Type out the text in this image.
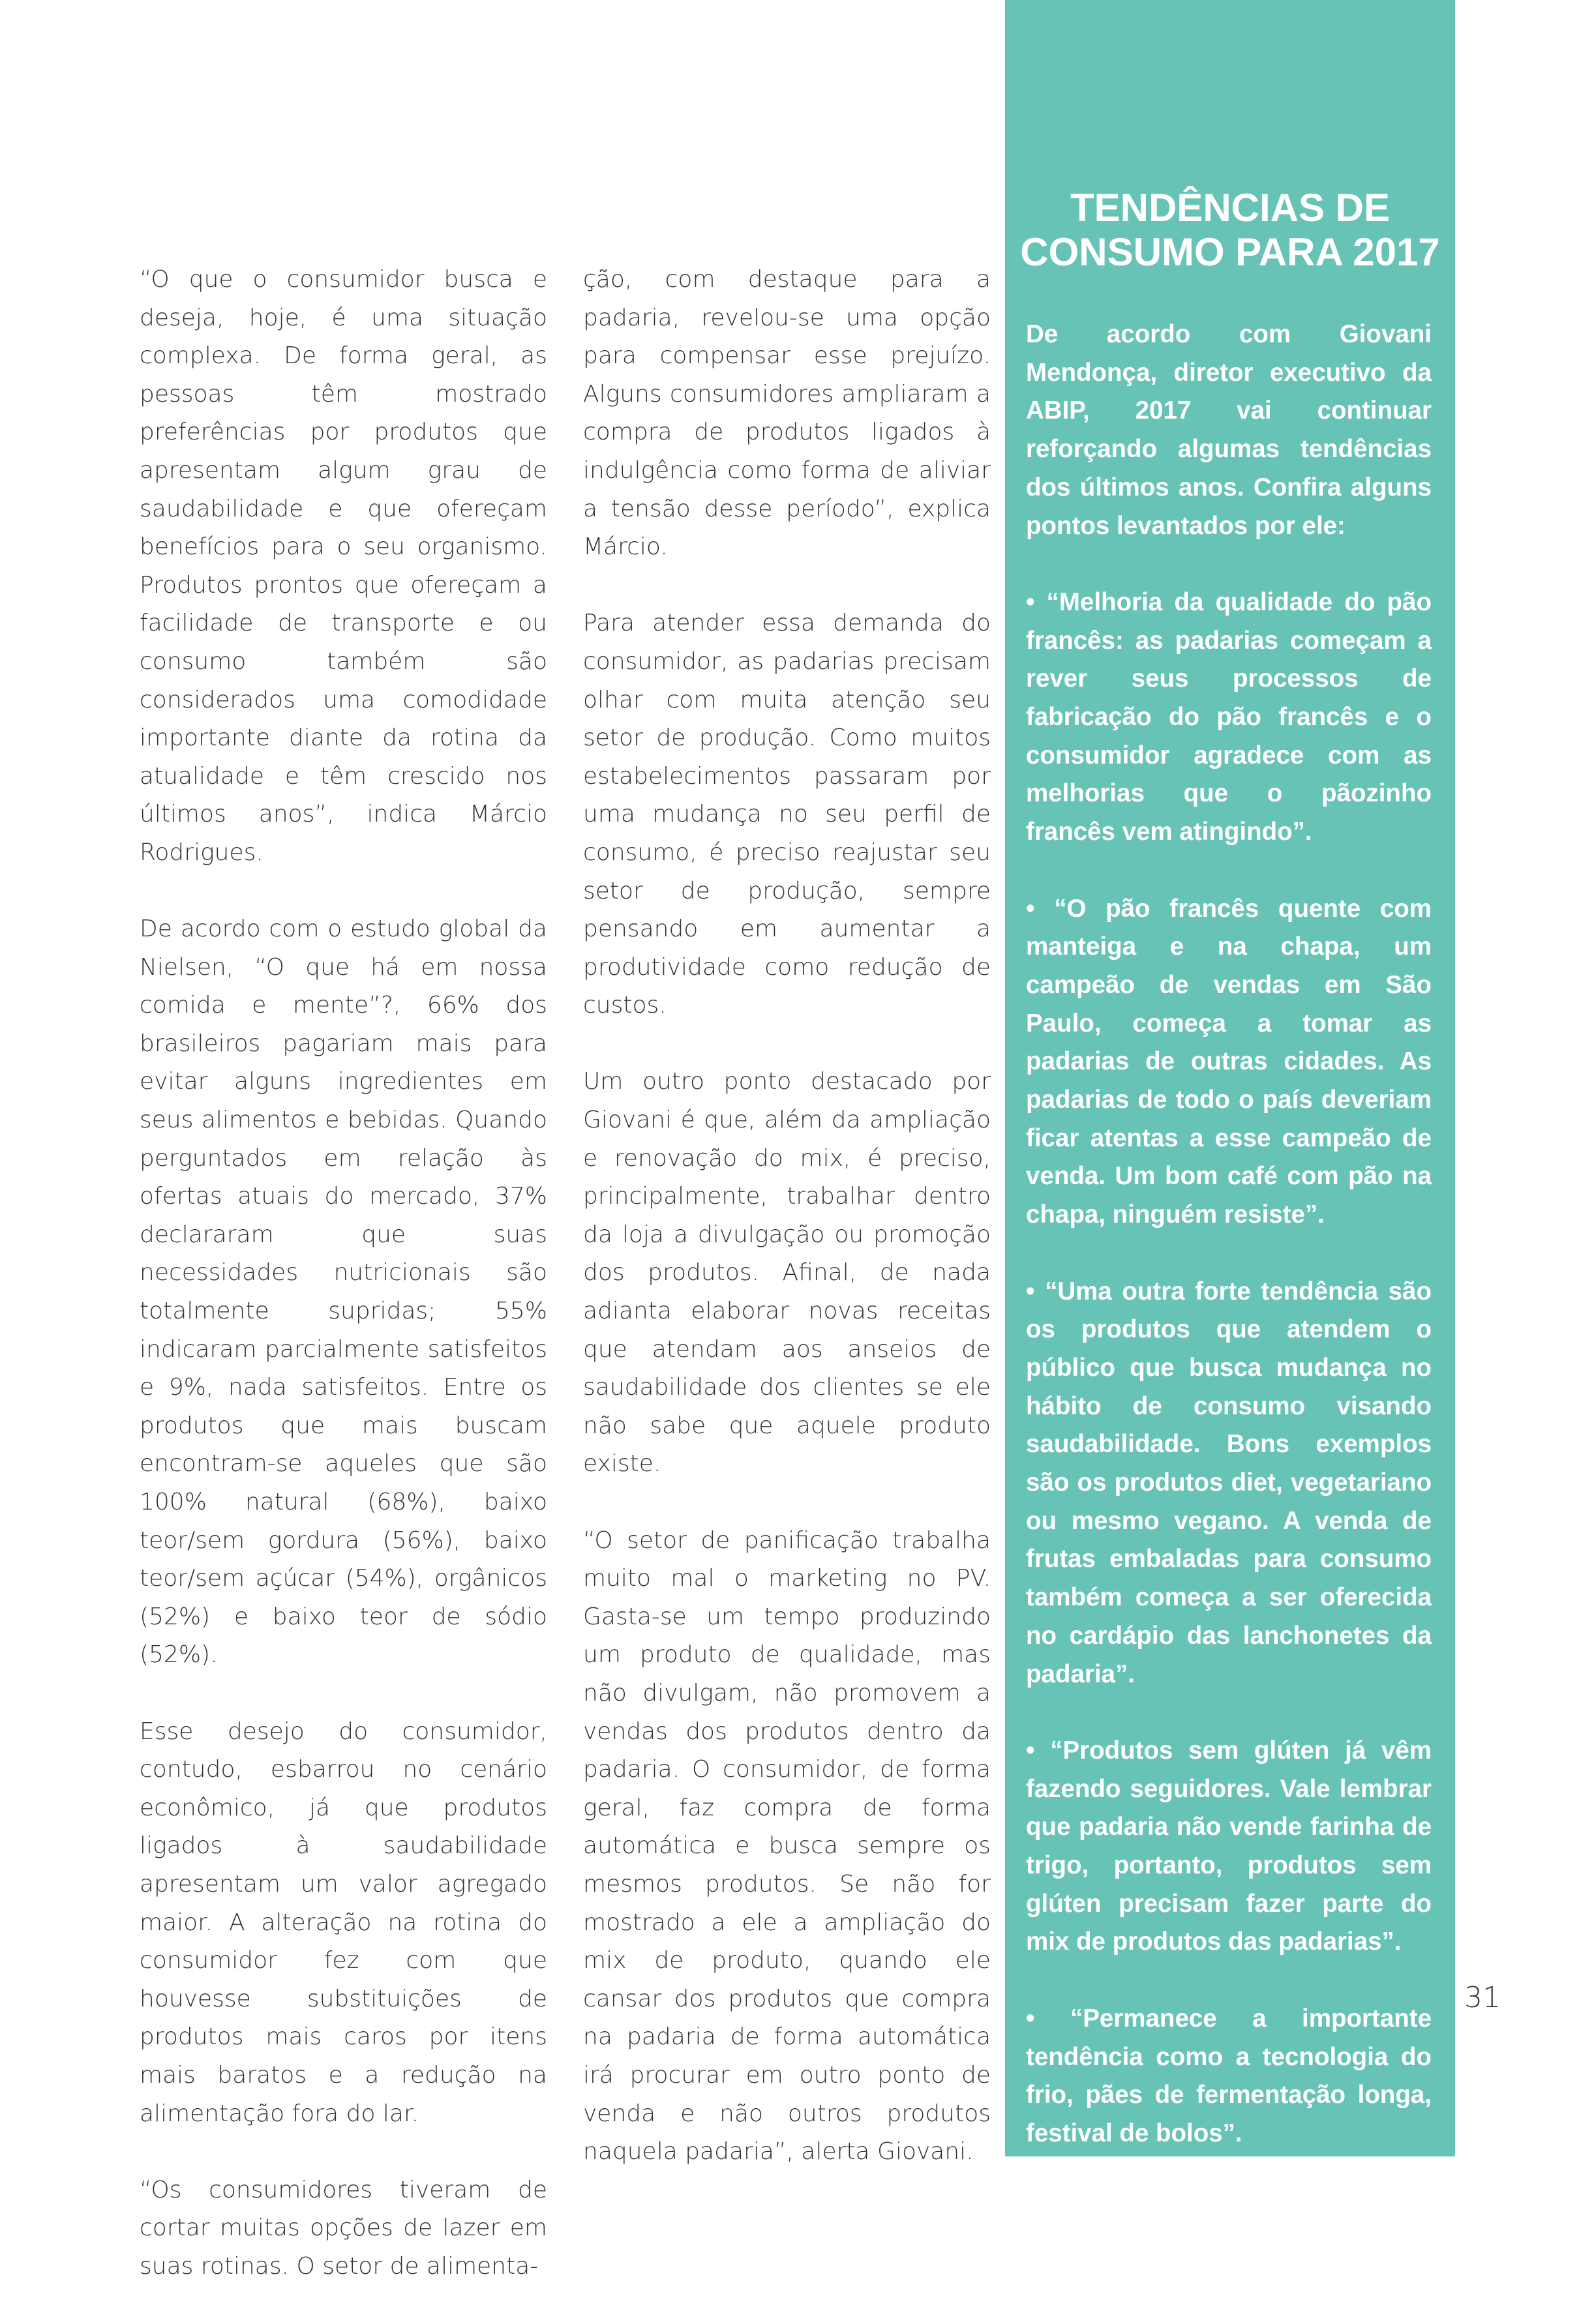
“O que o consumidor busca e deseja, hoje, é uma situação complexa. De forma geral, as pessoas têm mostrado preferências por produtos que apresentam algum grau de saudabilidade e que ofereçam benefícios para o seu organismo. Produtos prontos que ofereçam a facilidade de transporte e ou consumo também são considerados uma comodidade importante diante da rotina da atualidade e têm crescido nos últimos anos”, indica Márcio Rodrigues.

De acordo com o estudo global da Nielsen, “O que há em nossa comida e mente”?, 66% dos brasileiros pagariam mais para evitar alguns ingredientes em seus alimentos e bebidas. Quando perguntados em relação às ofertas atuais do mercado, 37% declararam que suas necessidades nutricionais são totalmente supridas; 55% indicaram parcialmente satisfeitos e 9%, nada satisfeitos. Entre os produtos que mais buscam encontram-se aqueles que são 100% natural (68%), baixo teor/sem gordura (56%), baixo teor/sem açúcar (54%), orgânicos (52%) e baixo teor de sódio (52%).

Esse desejo do consumidor, contudo, esbarrou no cenário econômico, já que produtos ligados à saudabilidade apresentam um valor agregado maior. A alteração na rotina do consumidor fez com que houvesse substituições de produtos mais caros por itens mais baratos e a redução na alimentação fora do lar.

“Os consumidores tiveram de cortar muitas opções de lazer em suas rotinas. O setor de alimenta-

ção, com destaque para a padaria, revelou-se uma opção para compensar esse prejuízo. Alguns consumidores ampliaram a compra de produtos ligados à indulgência como forma de aliviar a tensão desse período”, explica Márcio.

Para atender essa demanda do consumidor, as padarias precisam olhar com muita atenção seu setor de produção. Como muitos estabelecimentos passaram por uma mudança no seu perfil de consumo, é preciso reajustar seu setor de produção, sempre pensando em aumentar a produtividade como redução de custos.

Um outro ponto destacado por Giovani é que, além da ampliação e renovação do mix, é preciso, principalmente, trabalhar dentro da loja a divulgação ou promoção dos produtos. Afinal, de nada adianta elaborar novas receitas que atendam aos anseios de saudabilidade dos clientes se ele não sabe que aquele produto existe.

“O setor de panificação trabalha muito mal o marketing no PV. Gasta-se um tempo produzindo um produto de qualidade, mas não divulgam, não promovem a vendas dos produtos dentro da padaria. O consumidor, de forma geral, faz compra de forma automática e busca sempre os mesmos produtos. Se não for mostrado a ele a ampliação do mix de produto, quando ele cansar dos produtos que compra na padaria de forma automática irá procurar em outro ponto de venda e não outros produtos naquela padaria”, alerta Giovani.

TENDÊNCIAS DE
CONSUMO PARA 2017

De acordo com Giovani Mendonça, diretor executivo da ABIP, 2017 vai continuar reforçando algumas tendências dos últimos anos. Confira alguns pontos levantados por ele:

• “Melhoria da qualidade do pão francês: as padarias começam a rever seus processos de fabricação do pão francês e o consumidor agradece com as melhorias que o pãozinho francês vem atingindo”.

• “O pão francês quente com manteiga e na chapa, um campeão de vendas em São Paulo, começa a tomar as padarias de outras cidades. As padarias de todo o país deveriam ficar atentas a esse campeão de venda. Um bom café com pão na chapa, ninguém resiste”.

• “Uma outra forte tendência são os produtos que atendem o público que busca mudança no hábito de consumo visando saudabilidade. Bons exemplos são os produtos diet, vegetariano ou mesmo vegano. A venda de frutas embaladas para consumo também começa a ser oferecida no cardápio das lanchonetes da padaria”.

• “Produtos sem glúten já vêm fazendo seguidores. Vale lembrar que padaria não vende farinha de trigo, portanto, produtos sem glúten precisam fazer parte do mix de produtos das padarias”.

• “Permanece a importante tendência como a tecnologia do frio, pães de fermentação longa, festival de bolos”.

31
